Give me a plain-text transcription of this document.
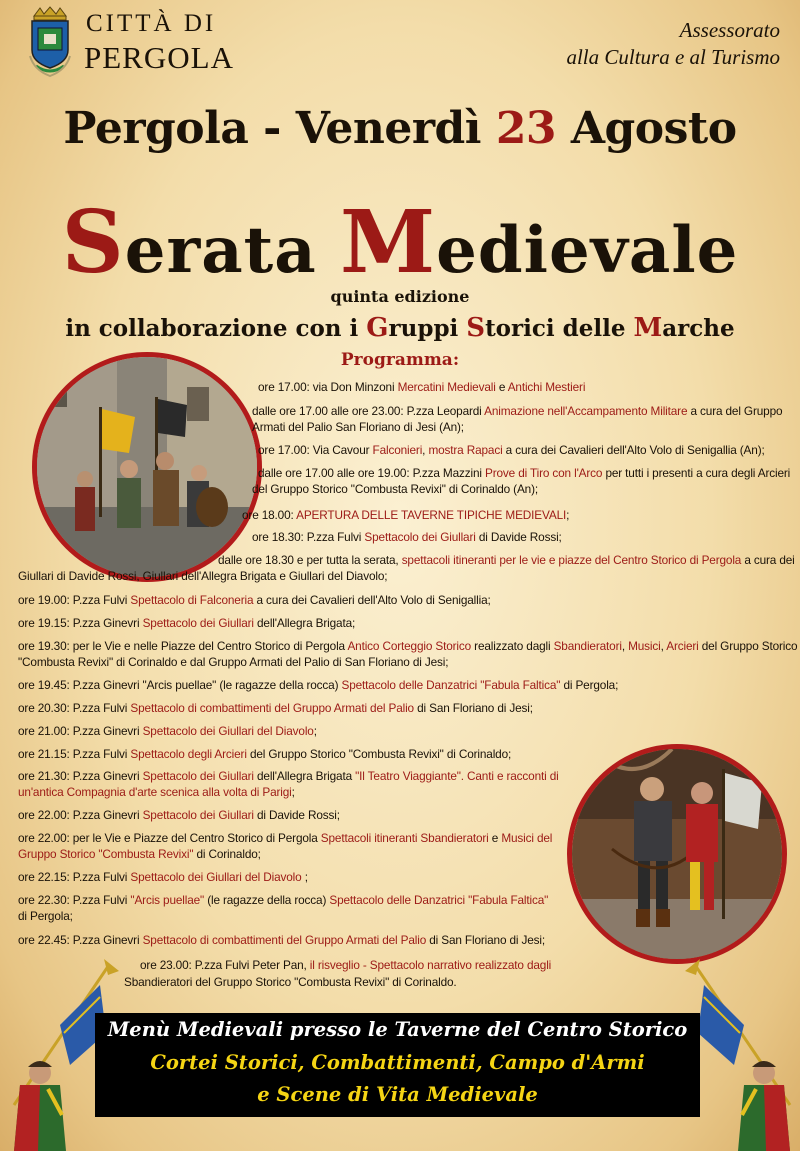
CITTÀ DI
PERGOLA
Assessorato
alla Cultura e al Turismo
Pergola - Venerdì 23 Agosto
Serata Medievale
quinta edizione
in collaborazione con i Gruppi Storici delle Marche
Programma:
ore 17.00: via Don Minzoni Mercatini Medievali e Antichi Mestieri
dalle ore 17.00 alle ore 23.00: P.zza Leopardi Animazione nell'Accampamento Militare a cura del Gruppo
Armati del Palio San Floriano di Jesi (An);
ore 17.00: Via Cavour Falconieri, mostra Rapaci a cura dei Cavalieri dell'Alto Volo di Senigallia (An);
dalle ore 17.00 alle ore 19.00: P.zza Mazzini Prove di Tiro con l'Arco per tutti i presenti a cura degli Arcieri
del Gruppo Storico "Combusta Revixi" di Corinaldo (An);
ore 18.00: APERTURA DELLE TAVERNE TIPICHE MEDIEVALI;
ore 18.30: P.zza Fulvi Spettacolo dei Giullari di Davide Rossi;
dalle ore 18.30 e per tutta la serata, spettacoli itineranti per le vie e piazze del Centro Storico di Pergola a cura dei
Giullari di Davide Rossi, Giullari dell'Allegra Brigata e Giullari del Diavolo;
ore 19.00: P.zza Fulvi Spettacolo di Falconeria a cura dei Cavalieri dell'Alto Volo di Senigallia;
ore 19.15: P.zza Ginevri Spettacolo dei Giullari dell'Allegra Brigata;
ore 19.30: per le Vie e nelle Piazze del Centro Storico di Pergola Antico Corteggio Storico realizzato dagli Sbandieratori, Musici, Arcieri del Gruppo Storico
"Combusta Revixi" di Corinaldo e dal Gruppo Armati del Palio di San Floriano di Jesi;
ore 19.45: P.zza Ginevri "Arcis puellae" (le ragazze della rocca) Spettacolo delle Danzatrici "Fabula Faltica" di Pergola;
ore 20.30: P.zza Fulvi Spettacolo di combattimenti del Gruppo Armati del Palio di San Floriano di Jesi;
ore 21.00: P.zza Ginevri Spettacolo dei Giullari del Diavolo;
ore 21.15: P.zza Fulvi Spettacolo degli Arcieri del Gruppo Storico "Combusta Revixi" di Corinaldo;
ore 21.30: P.zza Ginevri Spettacolo dei Giullari dell'Allegra Brigata "Il Teatro Viaggiante". Canti e racconti di
un'antica Compagnia d'arte scenica alla volta di Parigi;
ore 22.00: P.zza Ginevri Spettacolo dei Giullari di Davide Rossi;
ore 22.00: per le Vie e Piazze del Centro Storico di Pergola Spettacoli itineranti Sbandieratori e Musici del
Gruppo Storico "Combusta Revixi" di Corinaldo;
ore 22.15: P.zza Fulvi Spettacolo dei Giullari del Diavolo ;
ore 22.30: P.zza Fulvi "Arcis puellae" (le ragazze della rocca) Spettacolo delle Danzatrici "Fabula Faltica"
di Pergola;
ore 22.45: P.zza Ginevri Spettacolo di combattimenti del Gruppo Armati del Palio di San Floriano di Jesi;
ore 23.00: P.zza Fulvi Peter Pan, il risveglio - Spettacolo narrativo realizzato dagli
Sbandieratori del Gruppo Storico "Combusta Revixi" di Corinaldo.
Menù Medievali presso le Taverne del Centro Storico
Cortei Storici, Combattimenti, Campo d'Armi
e Scene di Vita Medievale
